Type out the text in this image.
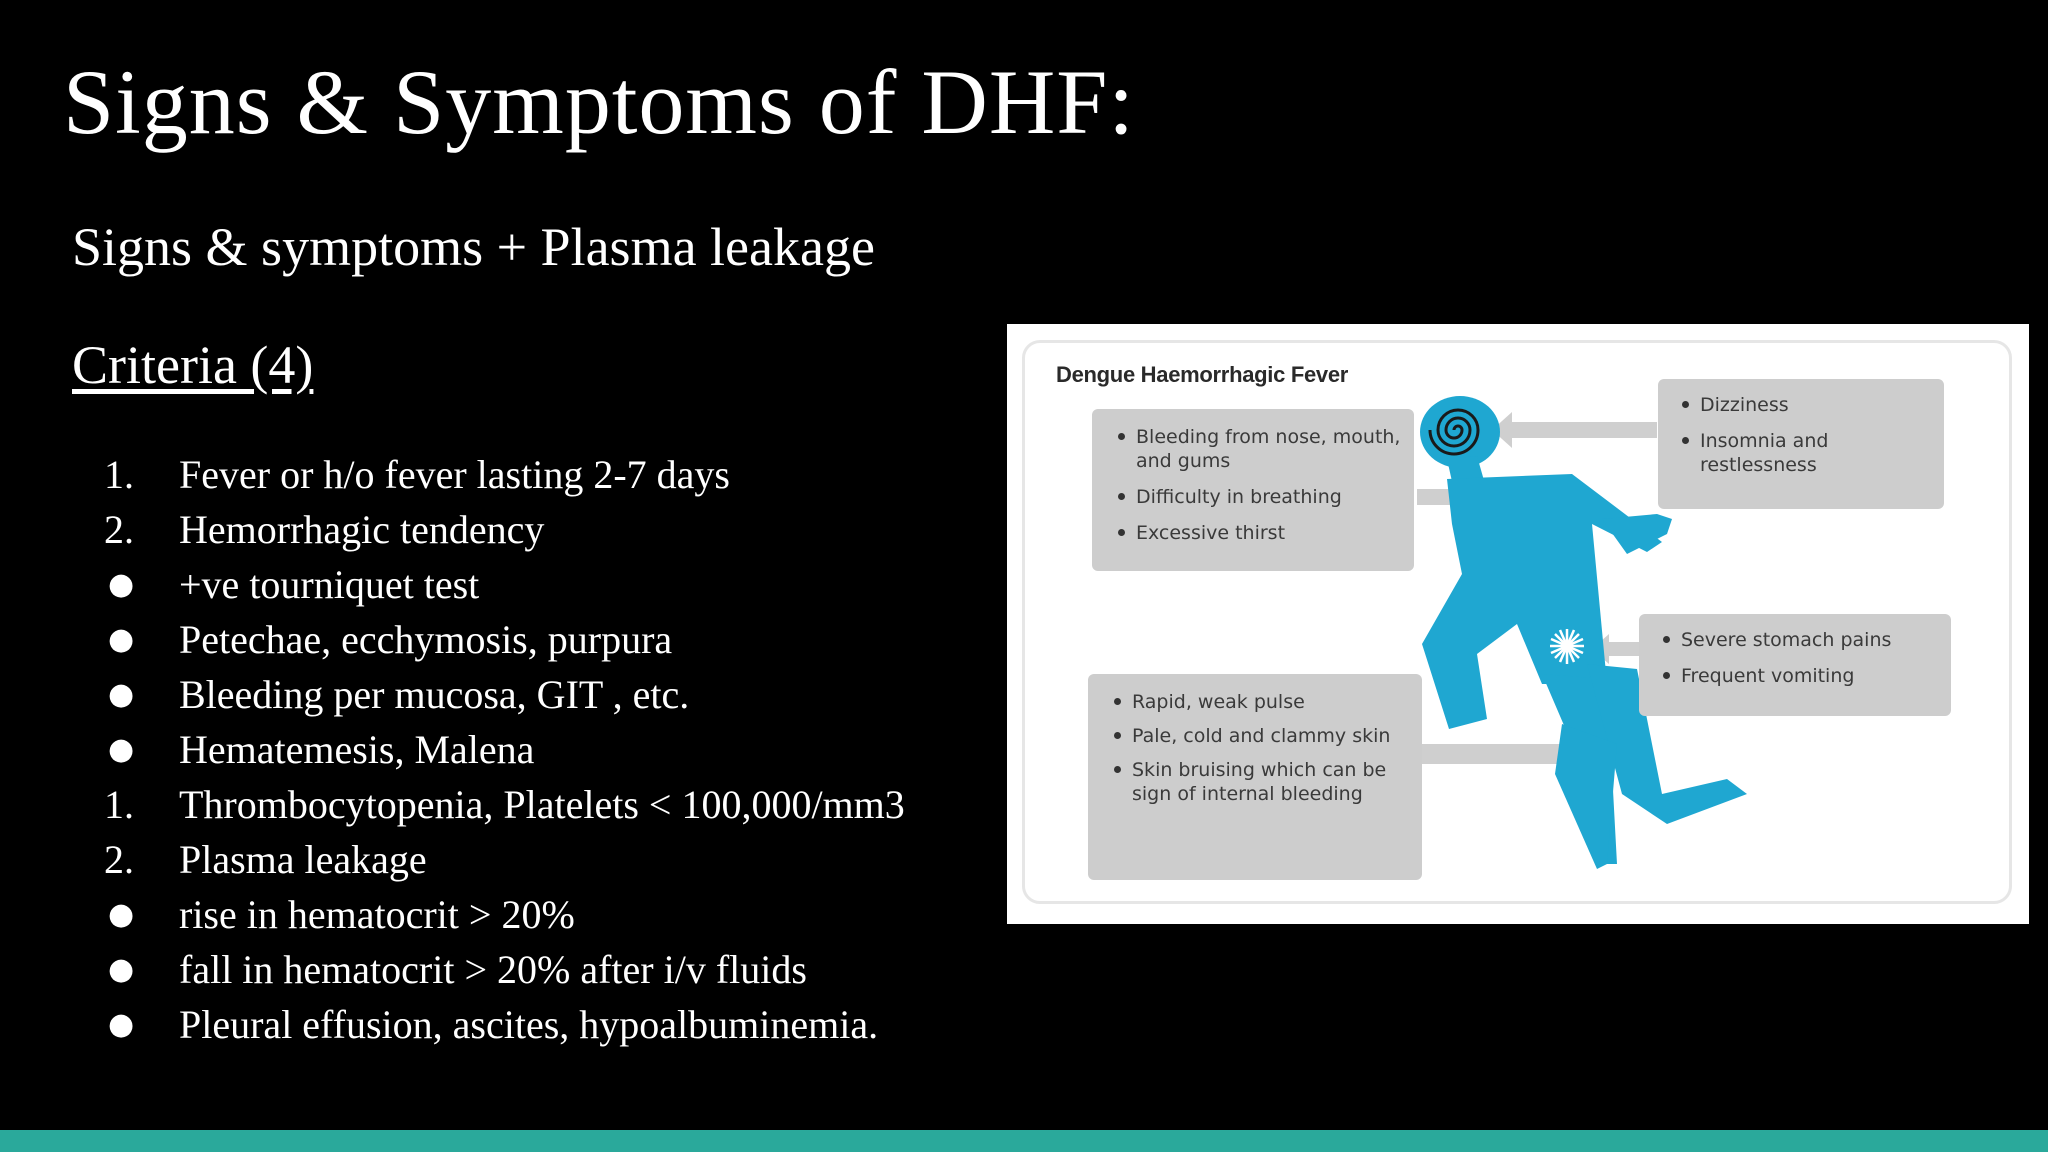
Signs & Symptoms of DHF:

Signs & symptoms + Plasma leakage

Criteria (4)

1.	Fever or h/o fever lasting 2-7 days
2.	Hemorrhagic tendency
●	+ve tourniquet test
●	Petechae, ecchymosis, purpura
●	Bleeding per mucosa, GIT , etc.
●	Hematemesis, Malena
1.	Thrombocytopenia, Platelets < 100,000/mm3
2.	Plasma leakage
●	rise in hematocrit > 20%
●	fall in hematocrit > 20% after i/v fluids
●	Pleural effusion, ascites, hypoalbuminemia.
Dengue Haemorrhagic Fever
Bleeding from nose, mouth, and gums
Difficulty in breathing
Excessive thirst
Dizziness
Insomnia and restlessness
Severe stomach pains
Frequent vomiting
Rapid, weak pulse
Pale, cold and clammy skin
Skin bruising which can be sign of internal bleeding
